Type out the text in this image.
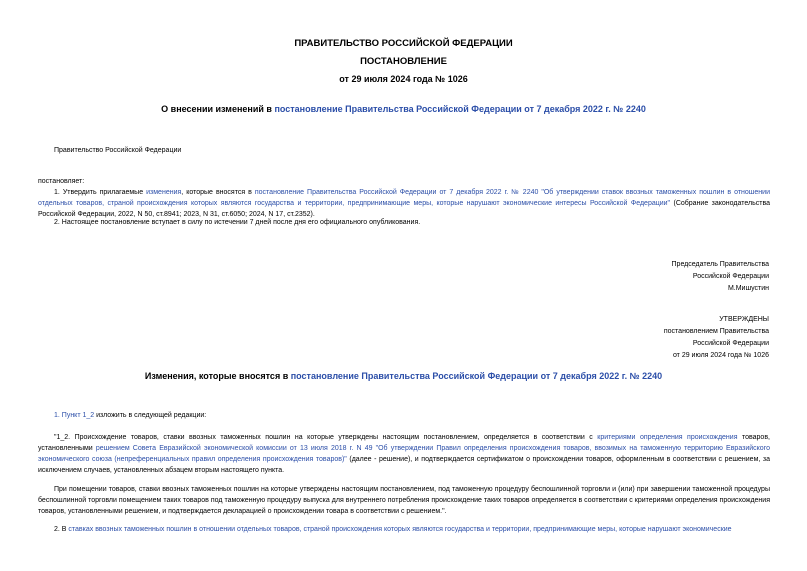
ПРАВИТЕЛЬСТВО РОССИЙСКОЙ ФЕДЕРАЦИИ
ПОСТАНОВЛЕНИЕ
от 29 июля 2024 года № 1026
О внесении изменений в постановление Правительства Российской Федерации от 7 декабря 2022 г. № 2240
Правительство Российской Федерации
постановляет:
1. Утвердить прилагаемые изменения, которые вносятся в постановление Правительства Российской Федерации от 7 декабря 2022 г. № 2240 "Об утверждении ставок ввозных таможенных пошлин в отношении отдельных товаров, страной происхождения которых являются государства и территории, предпринимающие меры, которые нарушают экономические интересы Российской Федерации" (Собрание законодательства Российской Федерации, 2022, N 50, ст.8941; 2023, N 31, ст.6050; 2024, N 17, ст.2352).
2. Настоящее постановление вступает в силу по истечении 7 дней после дня его официального опубликования.
Председатель Правительства
Российской Федерации
М.Мишустин
УТВЕРЖДЕНЫ
постановлением Правительства
Российской Федерации
от 29 июля 2024 года № 1026
Изменения, которые вносятся в постановление Правительства Российской Федерации от 7 декабря 2022 г. № 2240
1. Пункт 1_2 изложить в следующей редакции:
"1_2. Происхождение товаров, ставки ввозных таможенных пошлин на которые утверждены настоящим постановлением, определяется в соответствии с критериями определения происхождения товаров, установленными решением Совета Евразийской экономической комиссии от 13 июля 2018 г. N 49 "Об утверждении Правил определения происхождения товаров, ввозимых на таможенную территорию Евразийского экономического союза (непреференциальных правил определения происхождения товаров)" (далее - решение), и подтверждается сертификатом о происхождении товаров, оформленным в соответствии с решением, за исключением случаев, установленных абзацем вторым настоящего пункта.
При помещении товаров, ставки ввозных таможенных пошлин на которые утверждены настоящим постановлением, под таможенную процедуру беспошлинной торговли и (или) при завершении таможенной процедуры беспошлинной торговли помещением таких товаров под таможенную процедуру выпуска для внутреннего потребления происхождение таких товаров определяется в соответствии с критериями определения происхождения товаров, установленными решением, и подтверждается декларацией о происхождении товара в соответствии с решением.".
2. В ставках ввозных таможенных пошлин в отношении отдельных товаров, страной происхождения которых являются государства и территории, предпринимающие меры, которые нарушают экономические
